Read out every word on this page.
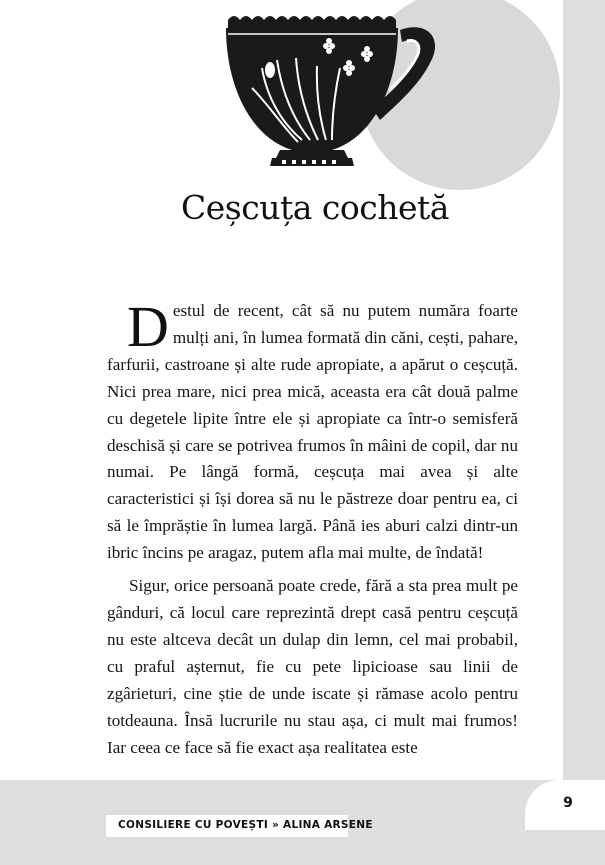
Ceșcuța cochetă

Destul de recent, cât să nu putem număra foarte mulți ani, în lumea formată din căni, cești, pahare, farfurii, castroane și alte rude apropiate, a apărut o ceșcuță. Nici prea mare, nici prea mică, aceasta era cât două palme cu degetele lipite între ele și apropiate ca într-o semisferă deschisă și care se potrivea frumos în mâini de copil, dar nu numai. Pe lângă formă, ceșcuța mai avea și alte caracteristici și își dorea să nu le păstreze doar pentru ea, ci să le împrăștie în lumea largă. Până ies aburi calzi dintr-un ibric încins pe aragaz, putem afla mai multe, de îndată!

Sigur, orice persoană poate crede, fără a sta prea mult pe gânduri, că locul care reprezintă drept casă pentru ceșcuță nu este altceva decât un dulap din lemn, cel mai probabil, cu praful așternut, fie cu pete lipicioase sau linii de zgârieturi, cine știe de unde iscate și rămase acolo pentru totdeauna. Însă lucrurile nu stau așa, ci mult mai frumos! Iar ceea ce face să fie exact așa realitatea este

9
CONSILIERE CU POVEȘTI » ALINA ARSENE
